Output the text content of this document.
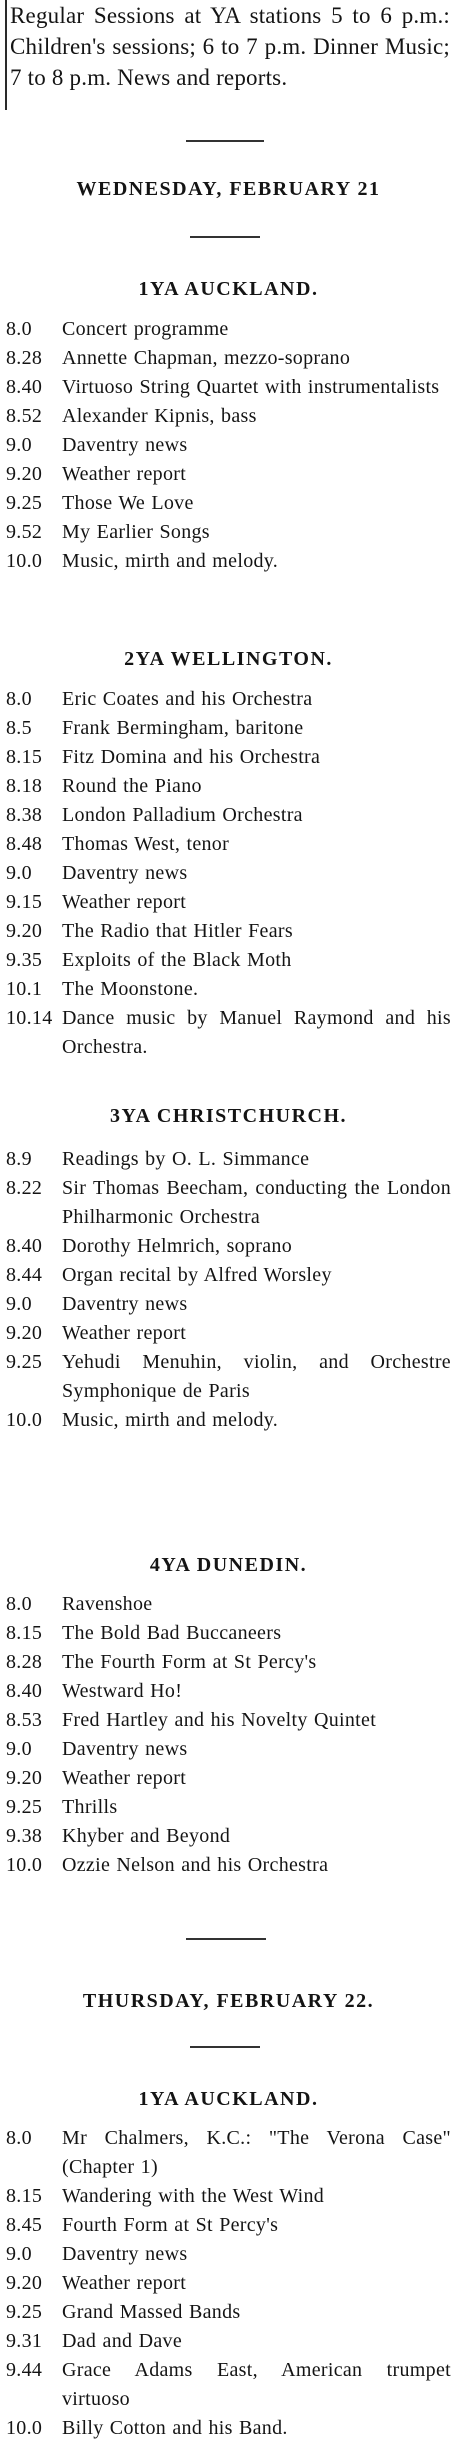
Regular Sessions at YA stations 5 to 6 p.m.: Children's sessions; 6 to 7 p.m. Dinner Music; 7 to 8 p.m. News and reports.
WEDNESDAY, FEBRUARY 21
1YA AUCKLAND.
8.0	Concert programme
8.28 Annette Chapman, mezzo-soprano
8.40 Virtuoso String Quartet with instrumentalists
8.52 Alexander Kipnis, bass
9.0	Daventry news
9.20 Weather report
9.25 Those We Love
9.52 My Earlier Songs
10.0 Music, mirth and melody.
2YA WELLINGTON.
8.0	Eric Coates and his Orchestra
8.5	Frank Bermingham, baritone
8.15 Fitz Domina and his Orchestra
8.18 Round the Piano
8.38 London Palladium Orchestra
8.48 Thomas West, tenor
9.0	Daventry news
9.15 Weather report
9.20 The Radio that Hitler Fears
9.35 Exploits of the Black Moth
10.1 The Moonstone.
10.14 Dance music by Manuel Raymond and his Orchestra.
3YA CHRISTCHURCH.
8.9	Readings by O. L. Simmance
8.22 Sir Thomas Beecham, conducting the London Philharmonic Orchestra
8.40 Dorothy Helmrich, soprano
8.44 Organ recital by Alfred Worsley
9.0	Daventry news
9.20 Weather report
9.25 Yehudi Menuhin, violin, and Orchestre Symphonique de Paris
10.0 Music, mirth and melody.
4YA DUNEDIN.
8.0	Ravenshoe
8.15 The Bold Bad Buccaneers
8.28 The Fourth Form at St Percy's
8.40 Westward Ho!
8.53 Fred Hartley and his Novelty Quintet
9.0	Daventry news
9.20 Weather report
9.25 Thrills
9.38 Khyber and Beyond
10.0 Ozzie Nelson and his Orchestra
THURSDAY, FEBRUARY 22.
1YA AUCKLAND.
8.0	Mr Chalmers, K.C.: "The Verona Case" (Chapter 1)
8.15 Wandering with the West Wind
8.45 Fourth Form at St Percy's
9.0	Daventry news
9.20 Weather report
9.25 Grand Massed Bands
9.31 Dad and Dave
9.44 Grace Adams East, American trumpet virtuoso
10.0 Billy Cotton and his Band.
